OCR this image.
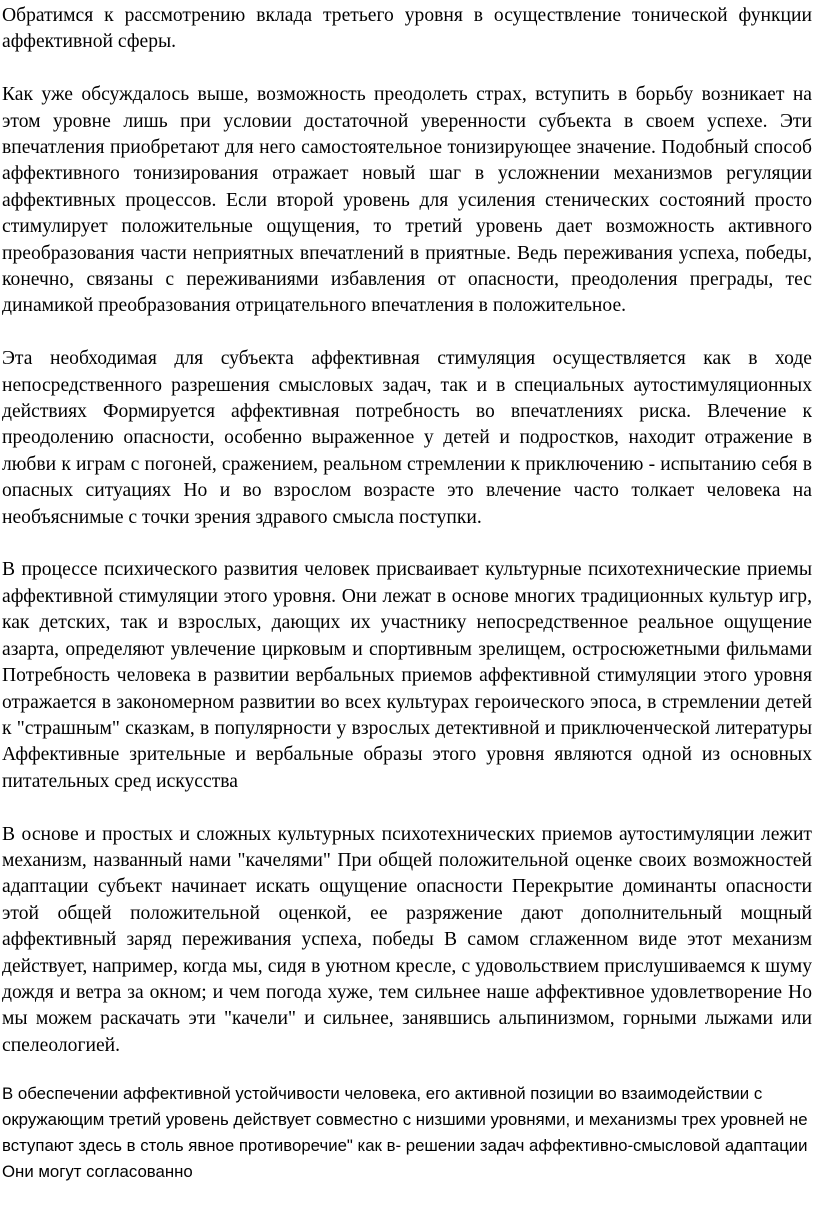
Обратимся к рассмотрению вклада третьего уровня в осуществление тонической функции аффективной сферы.

Как уже обсуждалось выше, возможность преодолеть страх, вступить в борьбу возникает на этом уровне лишь при условии достаточной уверенности субъекта в своем успехе. Эти впечатления приобретают для него самостоятельное тонизирующее значение. Подобный способ аффективного тонизирования отражает новый шаг в усложнении механизмов регуляции аффективных процессов. Если второй уровень для усиления стенических состояний просто стимулирует положительные ощущения, то третий уровень дает возможность активного преобразования части неприятных впечатлений в приятные. Ведь переживания успеха, победы, конечно, связаны с переживаниями избавления от опасности, преодоления преграды, тес динамикой преобразования отрицательного впечатления в положительное.

Эта необходимая для субъекта аффективная стимуляция осуществляется как в ходе непосредственного разрешения смысловых задач, так и в специальных аутостимуляционных действиях Формируется аффективная потребность во впечатлениях риска. Влечение к преодолению опасности, особенно выраженное у детей и подростков, находит отражение в любви к играм с погоней, сражением, реальном стремлении к приключению - испытанию себя в опасных ситуациях Но и во взрослом возрасте это влечение часто толкает человека на необъяснимые с точки зрения здравого смысла поступки.

В процессе психического развития человек присваивает культурные психотехнические приемы аффективной стимуляции этого уровня. Они лежат в основе многих традиционных культур игр, как детских, так и взрослых, дающих их участнику непосредственное реальное ощущение азарта, определяют увлечение цирковым и спортивным зрелищем, остросюжетными фильмами Потребность человека в развитии вербальных приемов аффективной стимуляции этого уровня отражается в закономерном развитии во всех культурах героического эпоса, в стремлении детей к "страшным" сказкам, в популярности у взрослых детективной и приключенческой литературы Аффективные зрительные и вербальные образы этого уровня являются одной из основных питательных сред искусства

В основе и простых и сложных культурных психотехнических приемов аутостимуляции лежит механизм, названный нами "качелями" При общей положительной оценке своих возможностей адаптации субъект начинает искать ощущение опасности Перекрытие доминанты опасности этой общей положительной оценкой, ее разряжение дают дополнительный мощный аффективный заряд переживания успеха, победы В самом сглаженном виде этот механизм действует, например, когда мы, сидя в уютном кресле, с удовольствием прислушиваемся к шуму дождя и ветра за окном; и чем погода хуже, тем сильнее наше аффективное удовлетворение Но мы можем раскачать эти "качели" и сильнее, занявшись альпинизмом, горными лыжами или спелеологией.

В обеспечении аффективной устойчивости человека, его активной позиции во взаимодействии с окружающим третий уровень действует совместно с низшими уровнями, и механизмы трех уровней не вступают здесь в столь явное противоречие" как в- решении задач аффективно-смысловой адаптации Они могут согласованно
